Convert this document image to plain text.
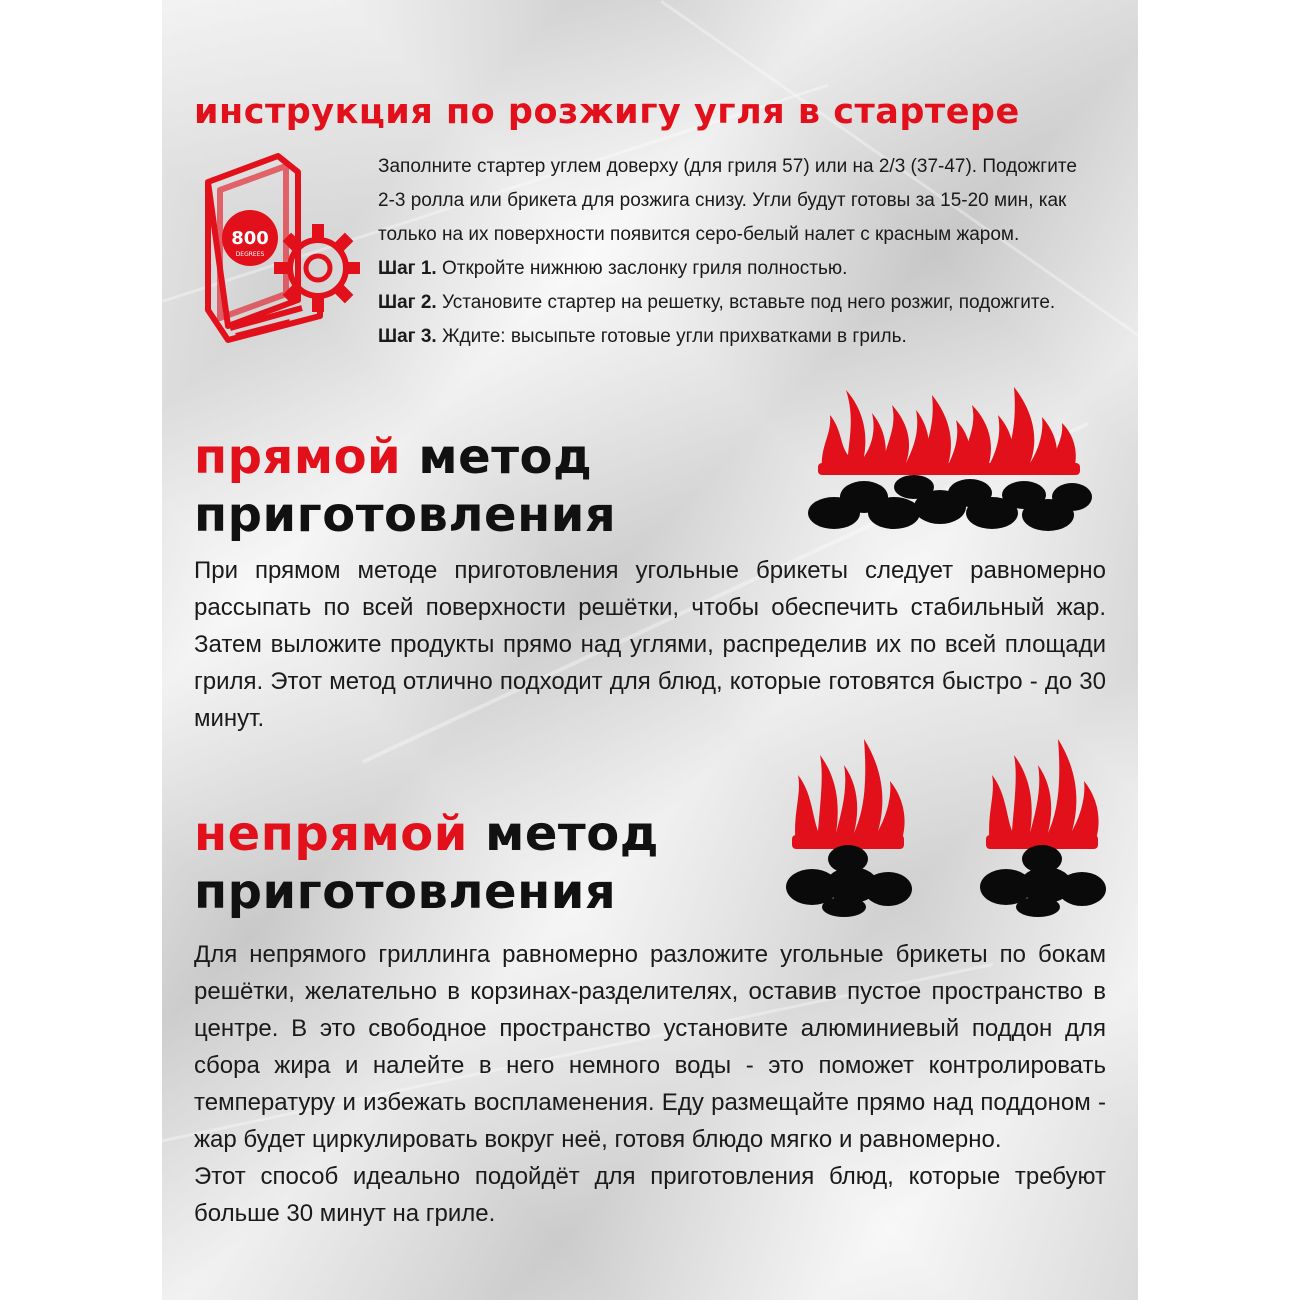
инструкция по розжигу угля в стартере
800
DEGREES

Заполните стартер углем доверху (для гриля 57) или на 2/3 (37-47). Подожгите 2-3 ролла или брикета для розжига снизу. Угли будут готовы за 15-20 мин, как только на их поверхности появится серо-белый налет с красным жаром.

Шаг 1. Откройте нижнюю заслонку гриля полностью.

Шаг 2. Установите стартер на решетку, вставьте под него розжиг, подожгите.

Шаг 3. Ждите: высыпьте готовые угли прихватками в гриль.

прямой метод
приготовления

При прямом методе приготовления угольные брикеты следует равномерно рассыпать по всей поверхности решётки, чтобы обеспечить стабильный жар. Затем выложите продукты прямо над углями, распределив их по всей площади гриля. Этот метод отлично подходит для блюд, которые готовятся быстро - до 30 минут.

непрямой метод
приготовления

Для непрямого гриллинга равномерно разложите угольные брикеты по бокам решётки, желательно в корзинах-разделителях, оставив пустое пространство в центре. В это свободное пространство установите алюминиевый поддон для сбора жира и налейте в него немного воды - это поможет контролировать температуру и избежать воспламенения. Еду размещайте прямо над поддоном - жар будет циркулировать вокруг неё, готовя блюдо мягко и равномерно.

Этот способ идеально подойдёт для приготовления блюд, которые требуют больше 30 минут на гриле.
